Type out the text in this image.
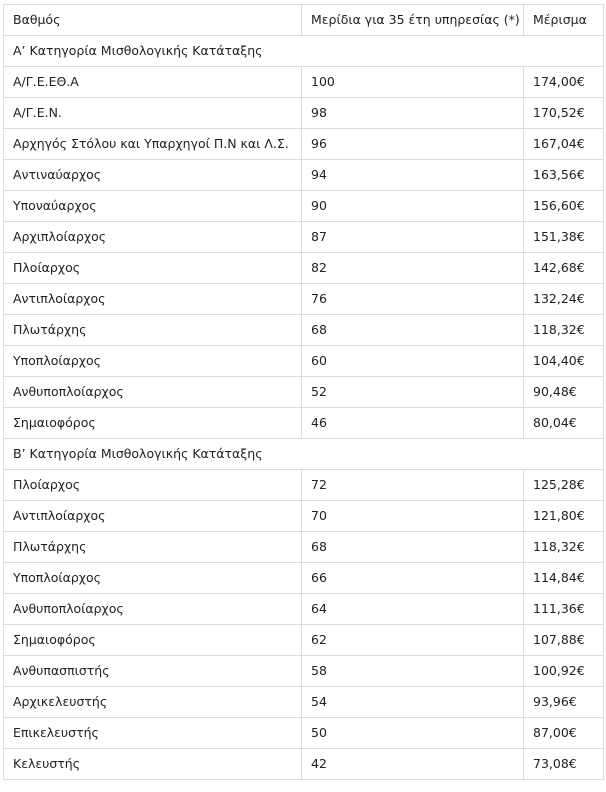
Βαθμός	Μερίδια για 35 έτη υπηρεσίας (*)	Μέρισμα
Α’ Κατηγορία Μισθολογικής Κατάταξης		
Α/Γ.Ε.ΕΘ.Α	100	174,00€
Α/Γ.Ε.Ν.	98	170,52€
Αρχηγός Στόλου και Υπαρχηγοί Π.Ν και Λ.Σ.	96	167,04€
Αντιναύαρχος	94	163,56€
Υποναύαρχος	90	156,60€
Αρχιπλοίαρχος	87	151,38€
Πλοίαρχος	82	142,68€
Αντιπλοίαρχος	76	132,24€
Πλωτάρχης	68	118,32€
Υποπλοίαρχος	60	104,40€
Ανθυποπλοίαρχος	52	90,48€
Σημαιοφόρος	46	80,04€
Β’ Κατηγορία Μισθολογικής Κατάταξης		
Πλοίαρχος	72	125,28€
Αντιπλοίαρχος	70	121,80€
Πλωτάρχης	68	118,32€
Υποπλοίαρχος	66	114,84€
Ανθυποπλοίαρχος	64	111,36€
Σημαιοφόρος	62	107,88€
Ανθυπασπιστής	58	100,92€
Αρχικελευστής	54	93,96€
Επικελευστής	50	87,00€
Κελευστής	42	73,08€
